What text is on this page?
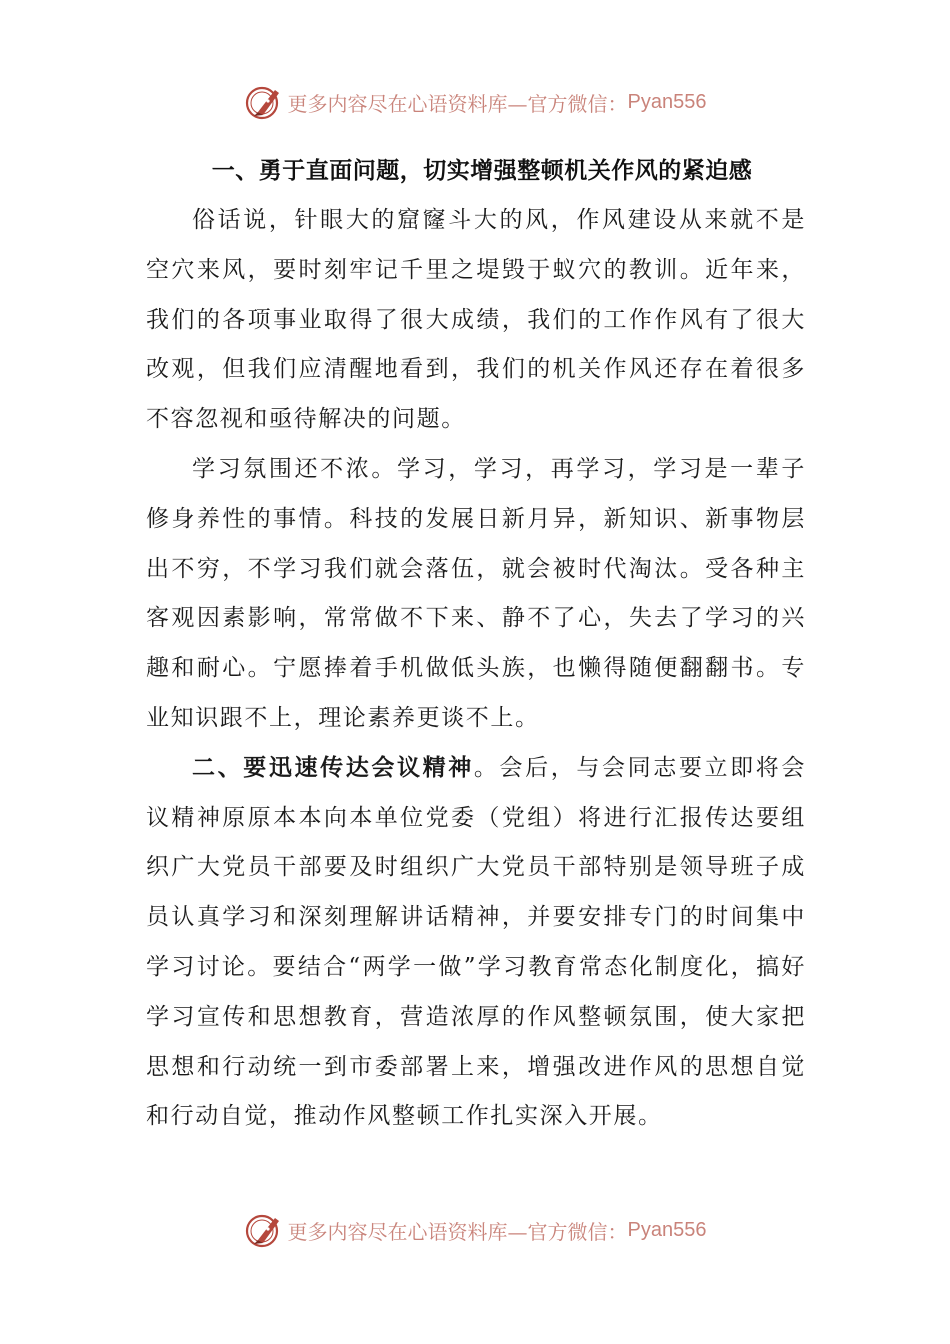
更多内容尽在心语资料库—官方微信： Pyan556
一、勇于直面问题，切实增强整顿机关作风的紧迫感

俗话说，针眼大的窟窿斗大的风，作风建设从来就不是空穴来风，要时刻牢记千里之堤毁于蚁穴的教训。近年来，我们的各项事业取得了很大成绩，我们的工作作风有了很大改观，但我们应清醒地看到，我们的机关作风还存在着很多不容忽视和亟待解决的问题。

学习氛围还不浓。学习，学习，再学习，学习是一辈子修身养性的事情。科技的发展日新月异，新知识、新事物层出不穷，不学习我们就会落伍，就会被时代淘汰。受各种主客观因素影响，常常做不下来、静不了心，失去了学习的兴趣和耐心。宁愿捧着手机做低头族，也懒得随便翻翻书。专业知识跟不上，理论素养更谈不上。

二、要迅速传达会议精神。会后，与会同志要立即将会议精神原原本本向本单位党委（党组）将进行汇报传达要组织广大党员干部要及时组织广大党员干部特别是领导班子成员认真学习和深刻理解讲话精神，并要安排专门的时间集中学习讨论。要结合“两学一做”学习教育常态化制度化，搞好学习宣传和思想教育，营造浓厚的作风整顿氛围，使大家把思想和行动统一到市委部署上来，增强改进作风的思想自觉和行动自觉，推动作风整顿工作扎实深入开展。

更多内容尽在心语资料库—官方微信： Pyan556
